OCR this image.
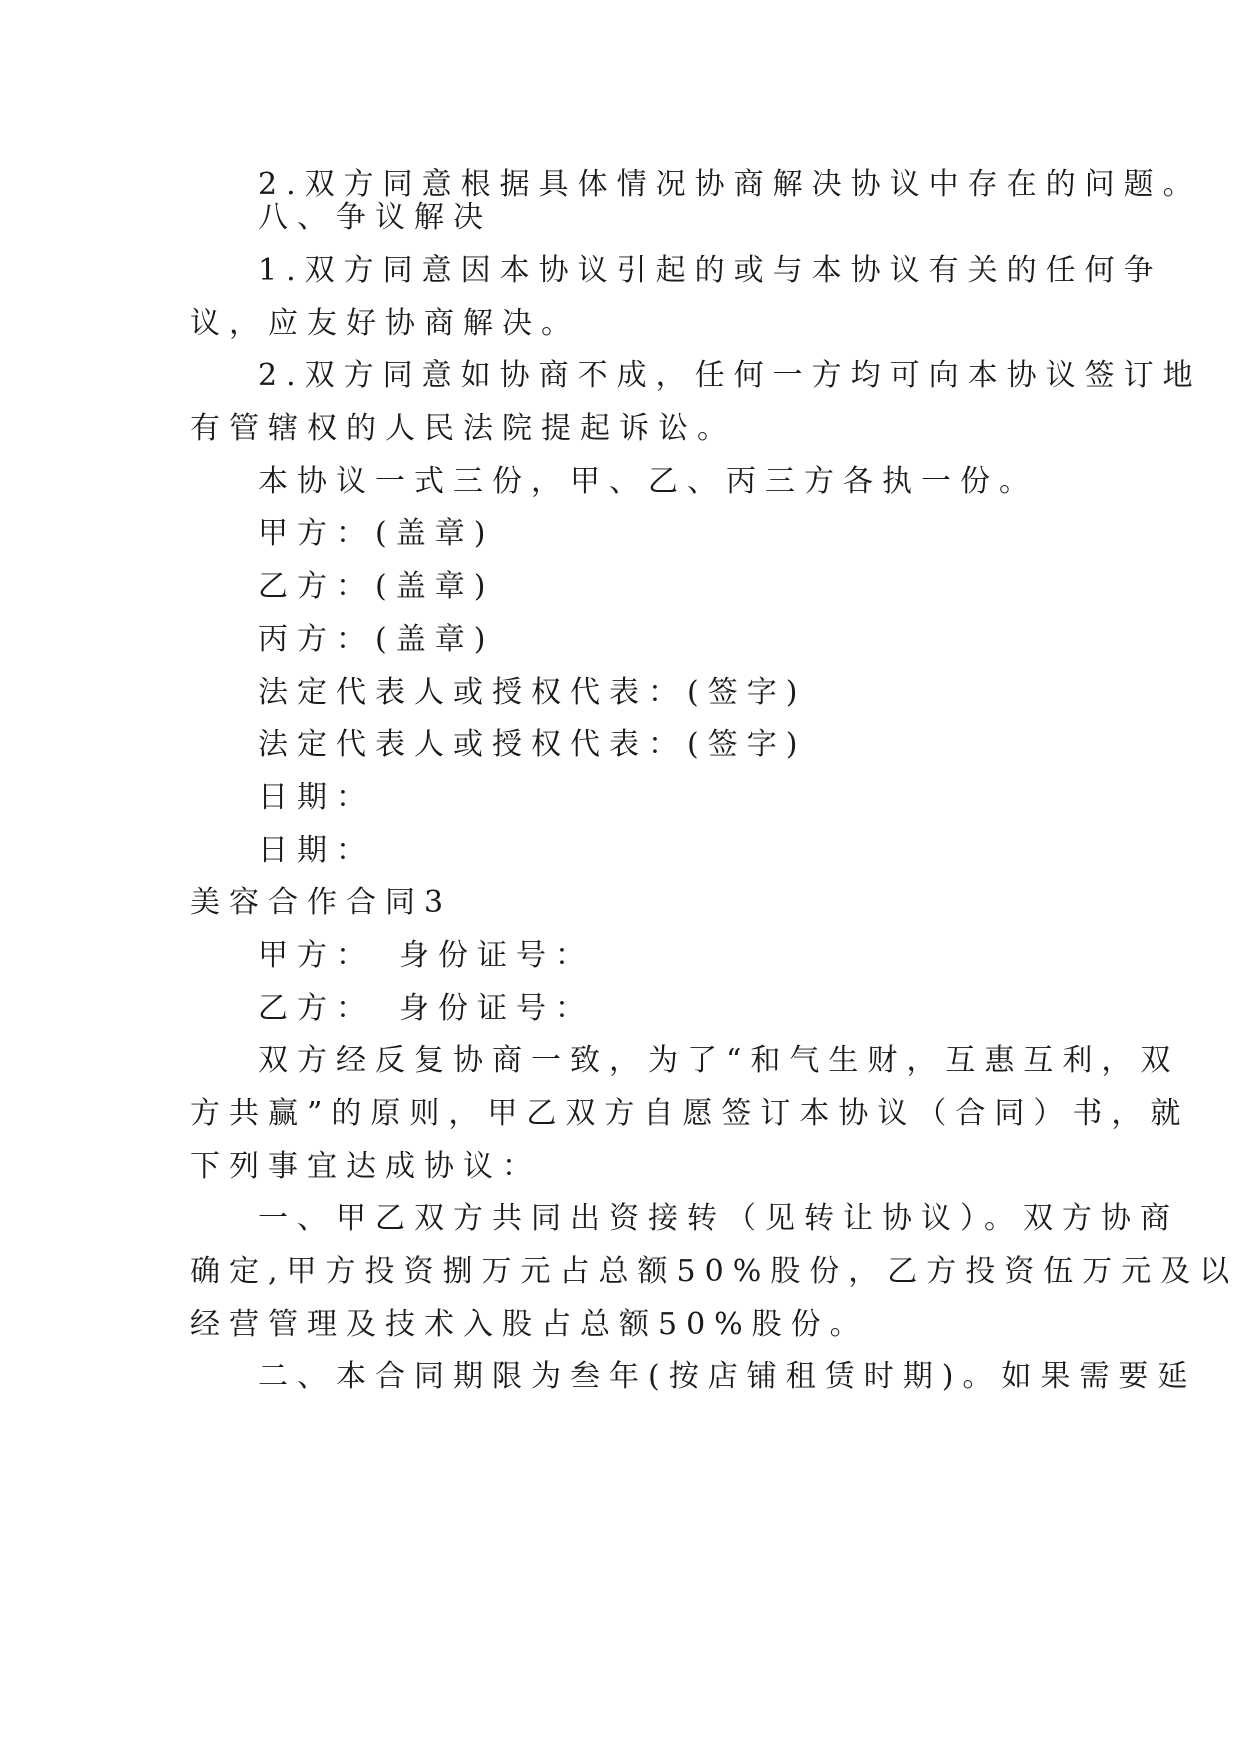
2.双方同意根据具体情况协商解决协议中存在的问题。

八、争议解决

1.双方同意因本协议引起的或与本协议有关的任何争

议，应友好协商解决。

2.双方同意如协商不成，任何一方均可向本协议签订地

有管辖权的人民法院提起诉讼。

本协议一式三份，甲、乙、丙三方各执一份。

甲方：(盖章)

乙方：(盖章)

丙方：(盖章)

法定代表人或授权代表：(签字)

法定代表人或授权代表：(签字)

日期：

日期：

美容合作合同3

甲方：　身份证号：

乙方：　身份证号：

双方经反复协商一致，为了“和气生财，互惠互利，双

方共赢”的原则，甲乙双方自愿签订本协议（合同）书，就

下列事宜达成协议：

一、甲乙双方共同出资接转（见转让协议）。双方协商

确定,甲方投资捌万元占总额50%股份，乙方投资伍万元及以

经营管理及技术入股占总额50%股份。

二、本合同期限为叁年(按店铺租赁时期)。如果需要延
